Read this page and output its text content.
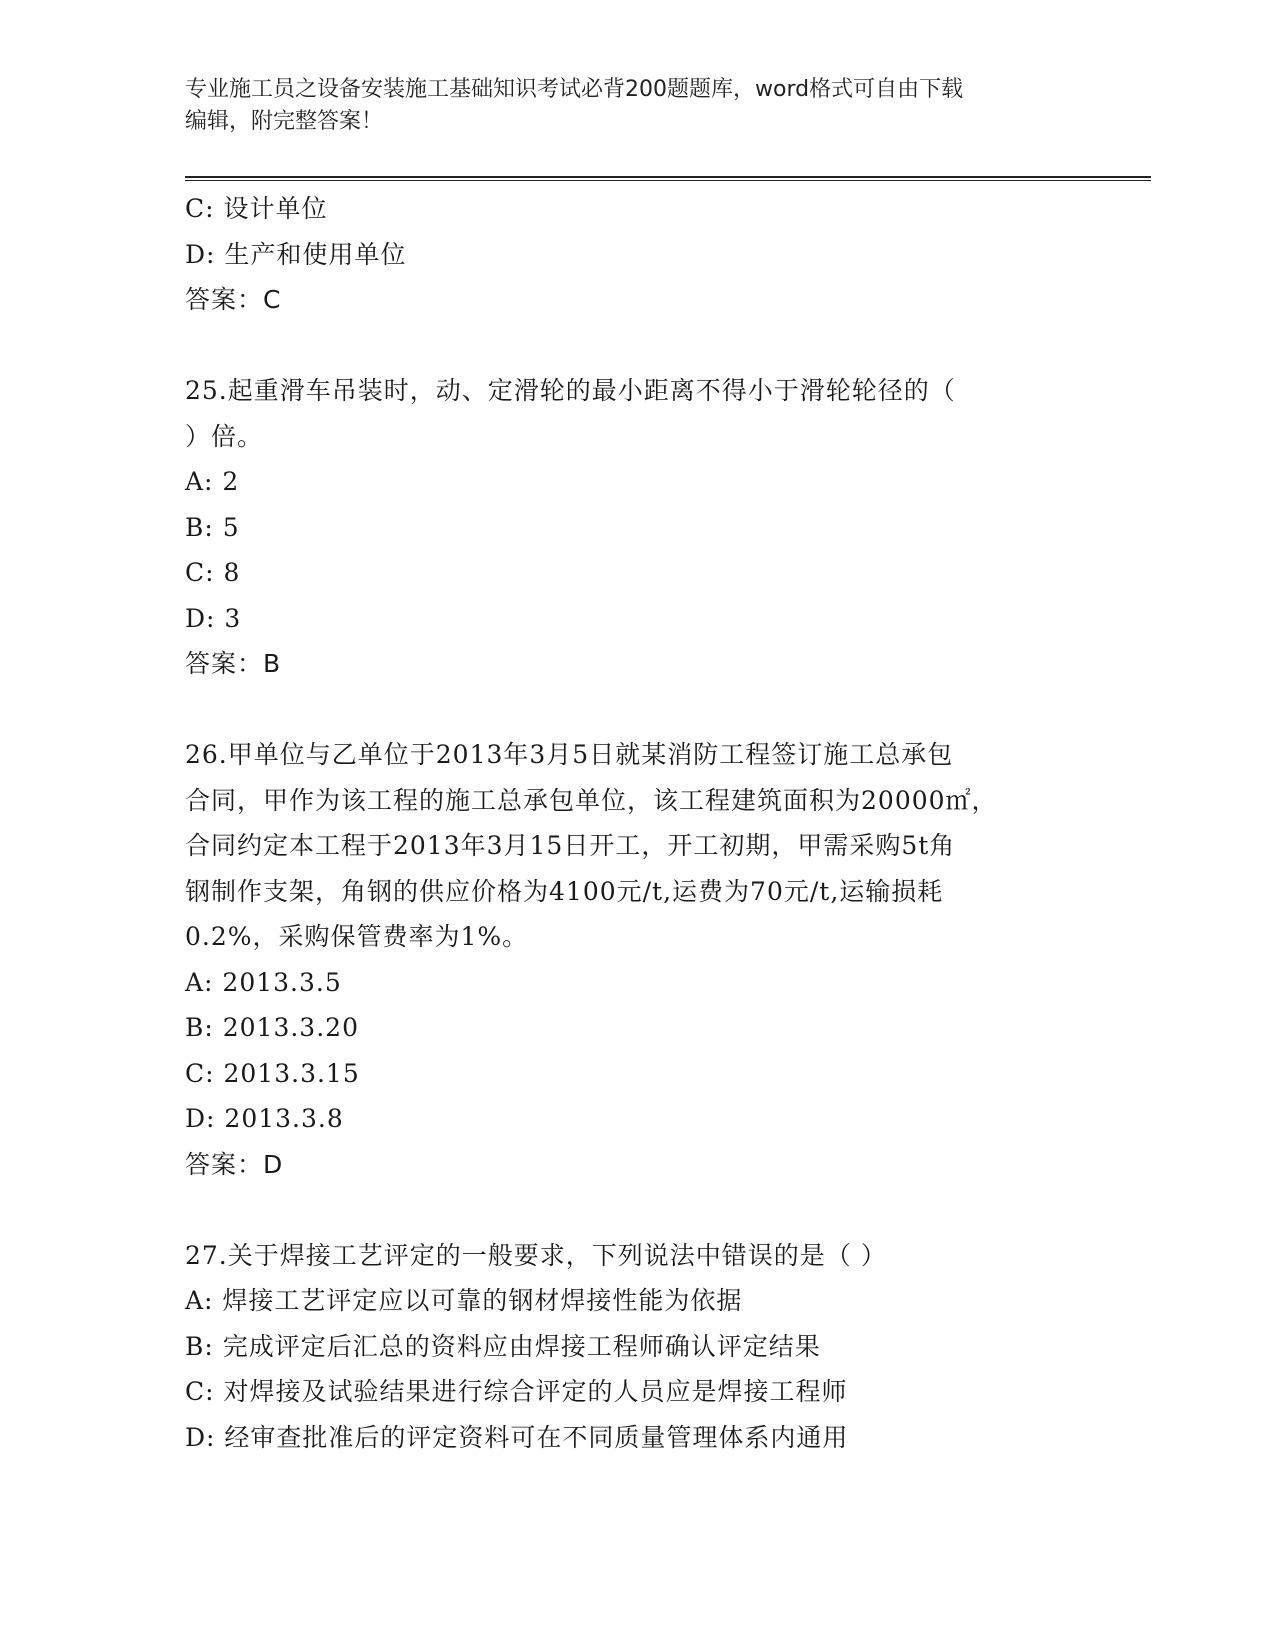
专业施工员之设备安装施工基础知识考试必背200题题库，word格式可自由下载
编辑，附完整答案！
C: 设计单位
D: 生产和使用单位
答案：C
25.起重滑车吊装时，动、定滑轮的最小距离不得小于滑轮轮径的（
）倍。
A: 2
B: 5
C: 8
D: 3
答案：B
26.甲单位与乙单位于2013年3月5日就某消防工程签订施工总承包
合同，甲作为该工程的施工总承包单位，该工程建筑面积为20000㎡，
合同约定本工程于2013年3月15日开工，开工初期，甲需采购5t角
钢制作支架，角钢的供应价格为4100元/t,运费为70元/t,运输损耗
0.2%，采购保管费率为1%。
A: 2013.3.5
B: 2013.3.20
C: 2013.3.15
D: 2013.3.8
答案：D
27.关于焊接工艺评定的一般要求，下列说法中错误的是（ ）
A: 焊接工艺评定应以可靠的钢材焊接性能为依据
B: 完成评定后汇总的资料应由焊接工程师确认评定结果
C: 对焊接及试验结果进行综合评定的人员应是焊接工程师
D: 经审查批准后的评定资料可在不同质量管理体系内通用
